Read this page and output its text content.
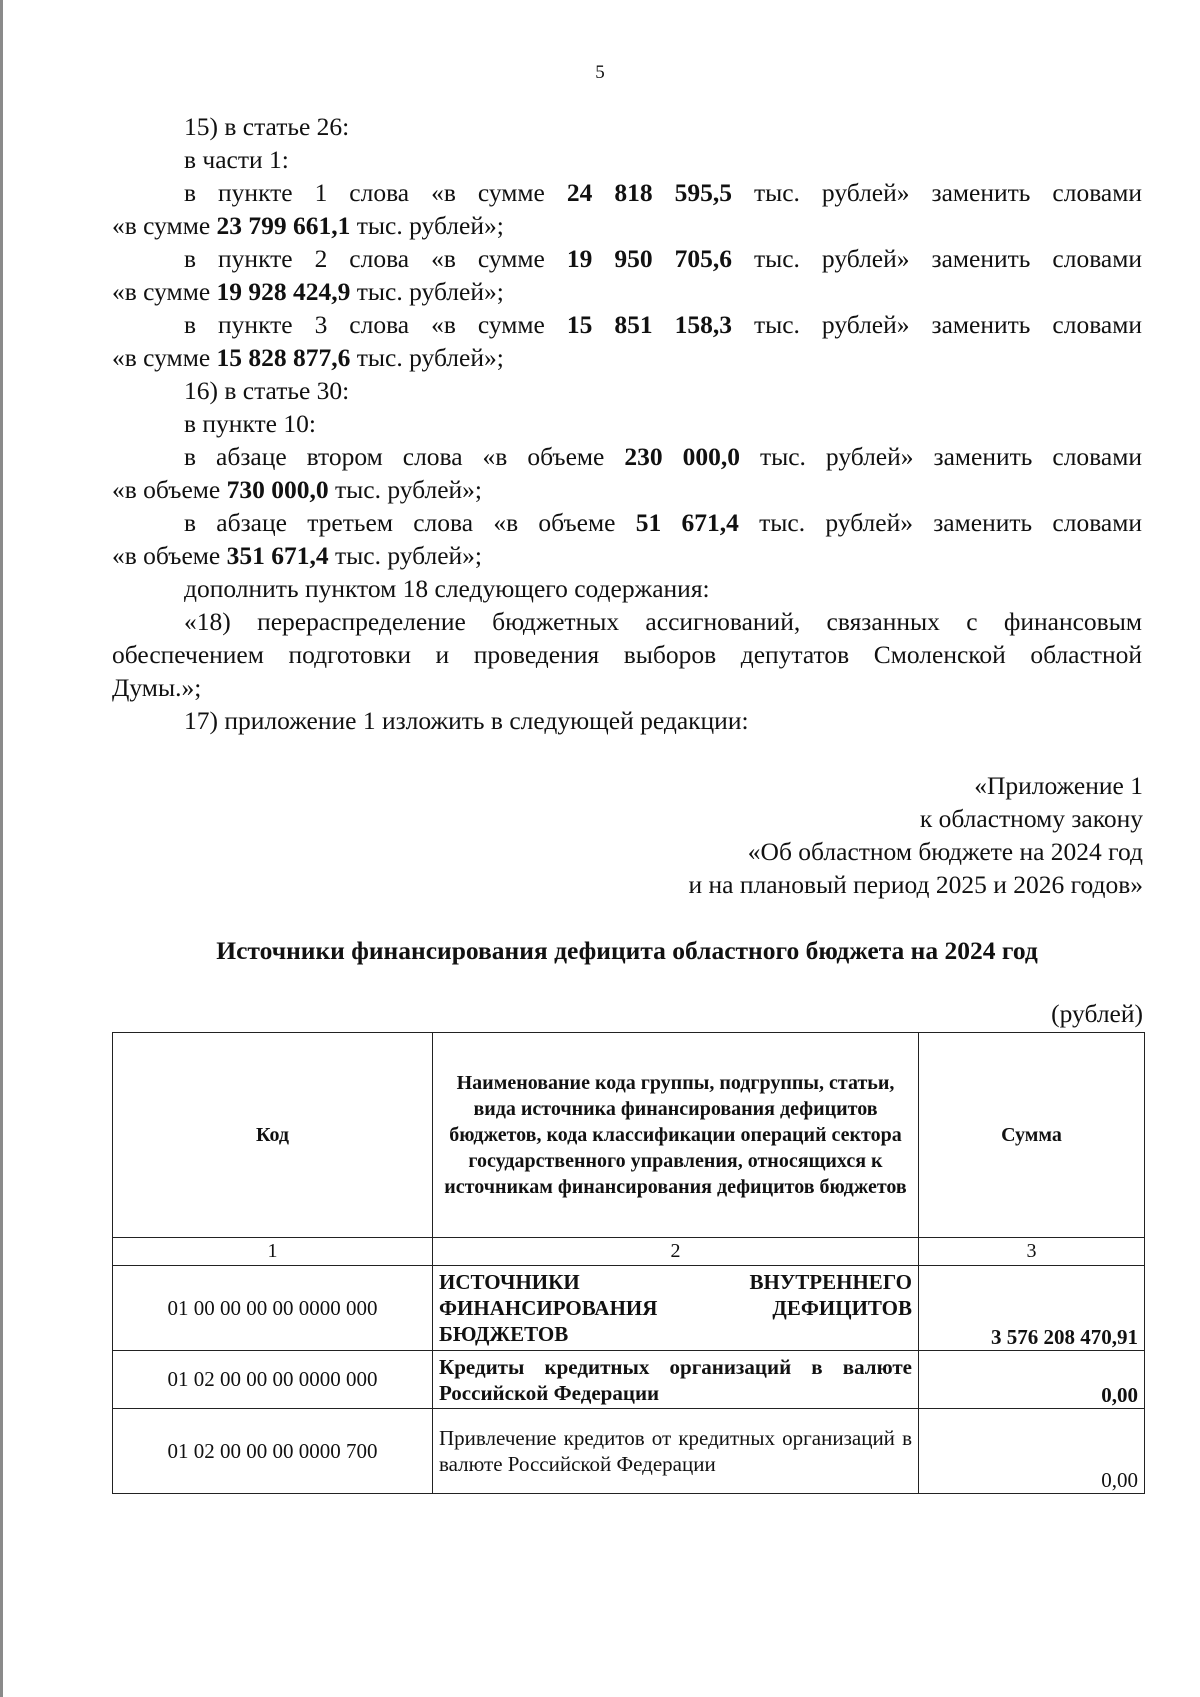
5

15) в статье 26:

в части 1:

в пункте 1 слова «в сумме 24 818 595,5 тыс. рублей» заменить словами

«в сумме 23 799 661,1 тыс. рублей»;

в пункте 2 слова «в сумме 19 950 705,6 тыс. рублей» заменить словами

«в сумме 19 928 424,9 тыс. рублей»;

в пункте 3 слова «в сумме 15 851 158,3 тыс. рублей» заменить словами

«в сумме 15 828 877,6 тыс. рублей»;

16) в статье 30:

в пункте 10:

в абзаце втором слова «в объеме 230 000,0 тыс. рублей» заменить словами

«в объеме 730 000,0 тыс. рублей»;

в абзаце третьем слова «в объеме 51 671,4 тыс. рублей» заменить словами

«в объеме 351 671,4 тыс. рублей»;

дополнить пунктом 18 следующего содержания:

«18) перераспределение бюджетных ассигнований, связанных с финансовым

обеспечением подготовки и проведения выборов депутатов Смоленской областной

Думы.»;

17) приложение 1 изложить в следующей редакции:

«Приложение 1
к областному закону
«Об областном бюджете на 2024 год
и на плановый период 2025 и 2026 годов»
Источники финансирования дефицита областного бюджета на 2024 год
(рублей)
Код	Наименование кода группы, подгруппы, статьи, вида источника финансирования дефицитов бюджетов, кода классификации операций сектора государственного управления, относящихся к источникам финансирования дефицитов бюджетов	Сумма
1	2	3
01 00 00 00 00 0000 000	ИСТОЧНИКИ ВНУТРЕННЕГО ФИНАНСИРОВАНИЯ ДЕФИЦИТОВ БЮДЖЕТОВ	3 576 208 470,91
01 02 00 00 00 0000 000	Кредиты кредитных организаций в валюте Российской Федерации	0,00
01 02 00 00 00 0000 700	Привлечение кредитов от кредитных организаций в валюте Российской Федерации	0,00
